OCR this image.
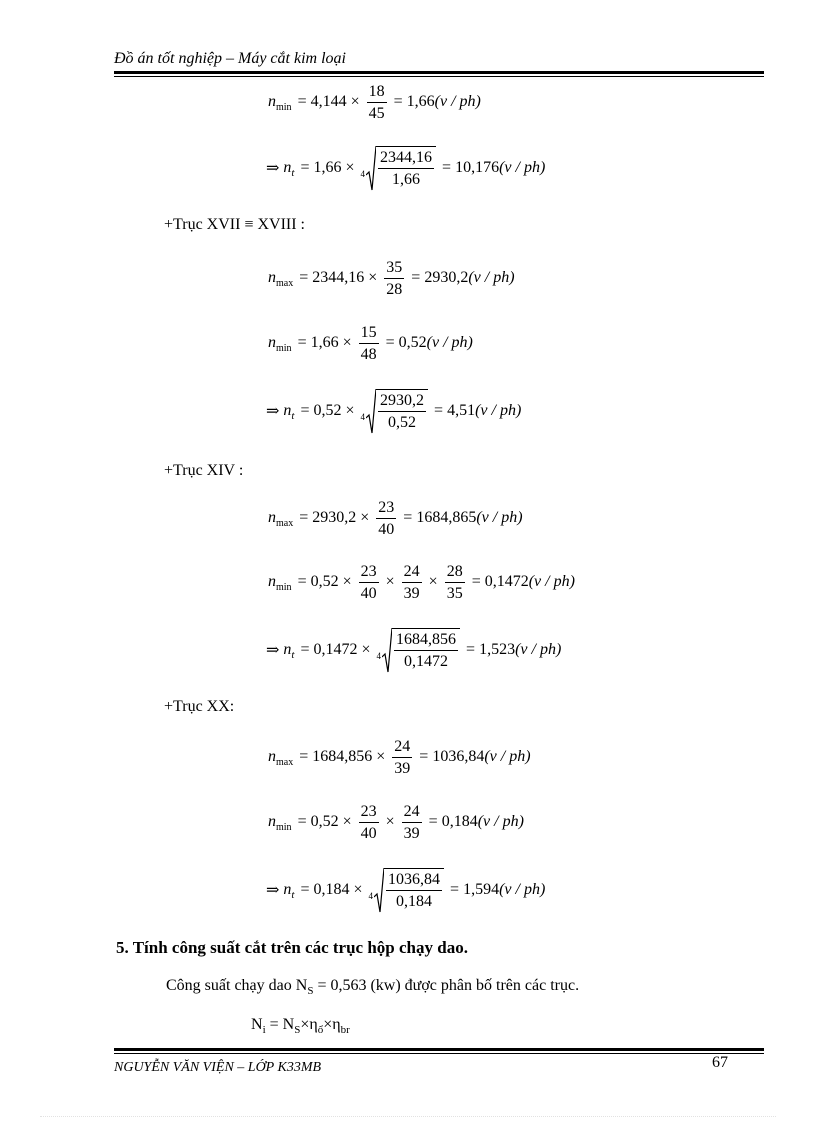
Đồ án tốt nghiệp – Máy cắt kim loại
n $\min = 4,144 \times \frac{18}{45} = 1,66$ (v / ph)
⇒ n $t = 1,66 \times 4 \frac{2344,16}{1,66} = 10,176$ (v / ph)
+Trục XVII ≡ XVIII :
n $\max = 2344,16 \times \frac{35}{28} = 2930,2$ (v / ph)
n $\min = 1,66 \times \frac{15}{48} = 0,52$ (v / ph)
⇒ n $t = 0,52 \times 4 \frac{2930,2}{0,52} = 4,51$ (v / ph)
+Trục XIV :
n $\max = 2930,2 \times \frac{23}{40} = 1684,865$ (v / ph)
n $\min = 0,52 \times \frac{23}{40} \times \frac{24}{39} \times \frac{28}{35} = 0,1472$ (v / ph)
⇒ n $t = 0,1472 \times 4 \frac{1684,856}{0,1472} = 1,523$ (v / ph)
+Trục XX:
n $\max = 1684,856 \times \frac{24}{39} = 1036,84$ (v / ph)
n $\min = 0,52 \times \frac{23}{40} \times \frac{24}{39} = 0,184$ (v / ph)
⇒ n $t = 0,184 \times 4 \frac{1036,84}{0,184} = 1,594$ (v / ph)
5. Tính công suất cắt trên các trục hộp chạy dao.
Công suất chạy dao $N_S = 0,563$ (kw) được phân bố trên các trục.
$N_i = N_S\times\eta_ổ\times\eta_{br}$
NGUYỄN VĂN VIỆN – LỚP K33MB	67
